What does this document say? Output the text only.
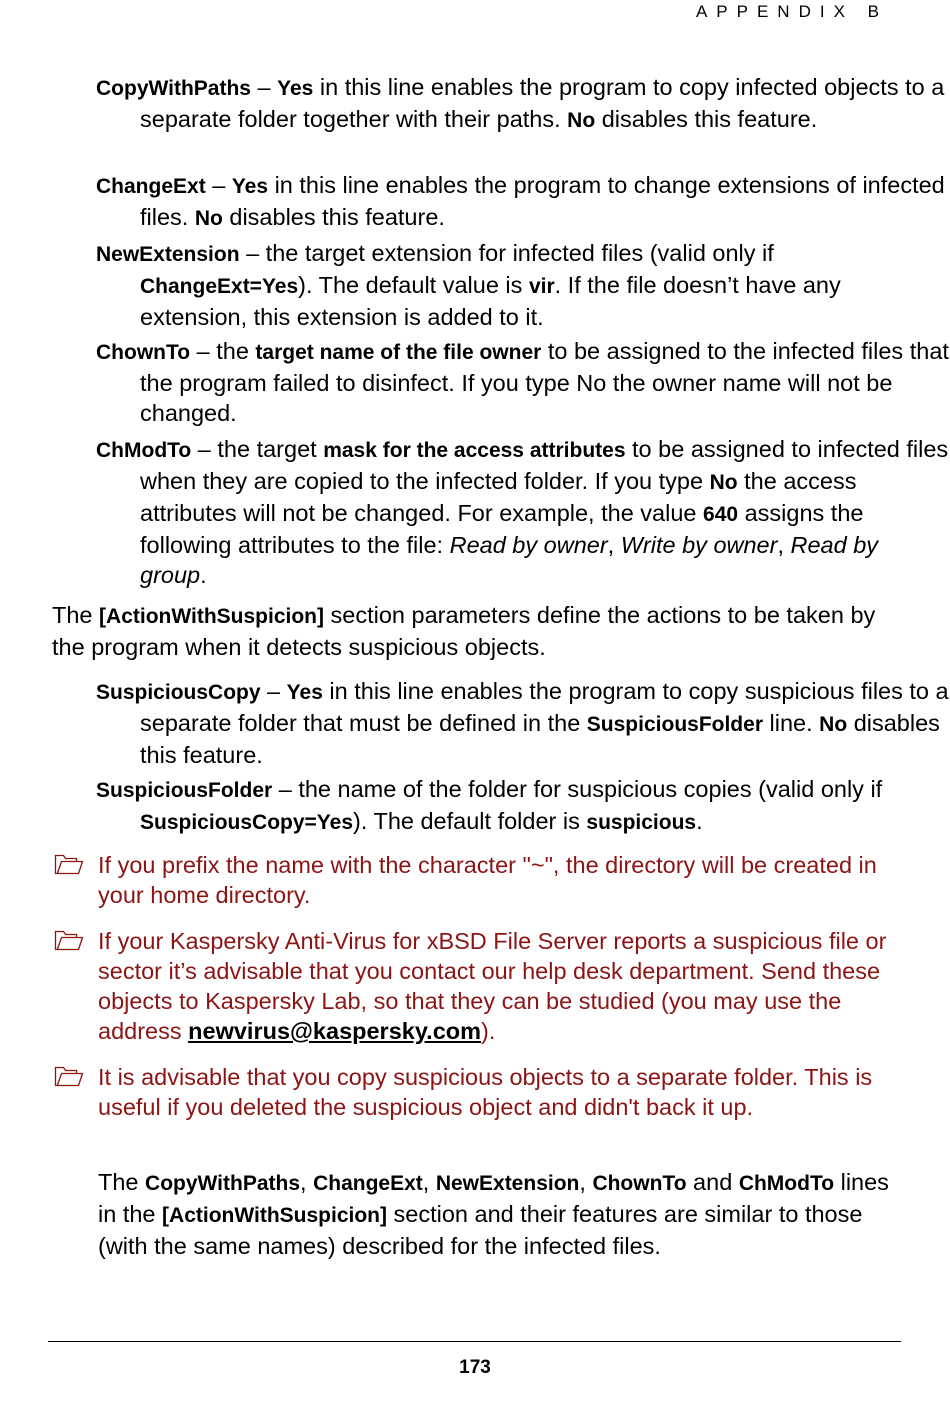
APPENDIX B

CopyWithPaths – Yes in this line enables the program to copy infected objects to a separate folder together with their paths. No disables this feature.

ChangeExt – Yes in this line enables the program to change extensions of infected files. No disables this feature.

NewExtension – the target extension for infected files (valid only if ChangeExt=Yes). The default value is vir. If the file doesn’t have any extension, this extension is added to it.

ChownTo – the target name of the file owner to be assigned to the infected files that the program failed to disinfect. If you type No the owner name will not be changed.

ChModTo – the target mask for the access attributes to be assigned to infected files when they are copied to the infected folder. If you type No the access attributes will not be changed. For example, the value 640 assigns the following attributes to the file: Read by owner, Write by owner, Read by group.

The [ActionWithSuspicion] section parameters define the actions to be taken by the program when it detects suspicious objects.

SuspiciousCopy – Yes in this line enables the program to copy suspicious files to a separate folder that must be defined in the SuspiciousFolder line. No disables this feature.

SuspiciousFolder – the name of the folder for suspicious copies (valid only if SuspiciousCopy=Yes). The default folder is suspicious.

If you prefix the name with the character "~", the directory will be created in your home directory.

If your Kaspersky Anti-Virus for xBSD File Server reports a suspicious file or sector it’s advisable that you contact our help desk department. Send these objects to Kaspersky Lab, so that they can be studied (you may use the address newvirus@kaspersky.com).

It is advisable that you copy suspicious objects to a separate folder. This is useful if you deleted the suspicious object and didn't back it up.

The CopyWithPaths, ChangeExt, NewExtension, ChownTo and ChModTo lines in the [ActionWithSuspicion] section and their features are similar to those (with the same names) described for the infected files.

173
